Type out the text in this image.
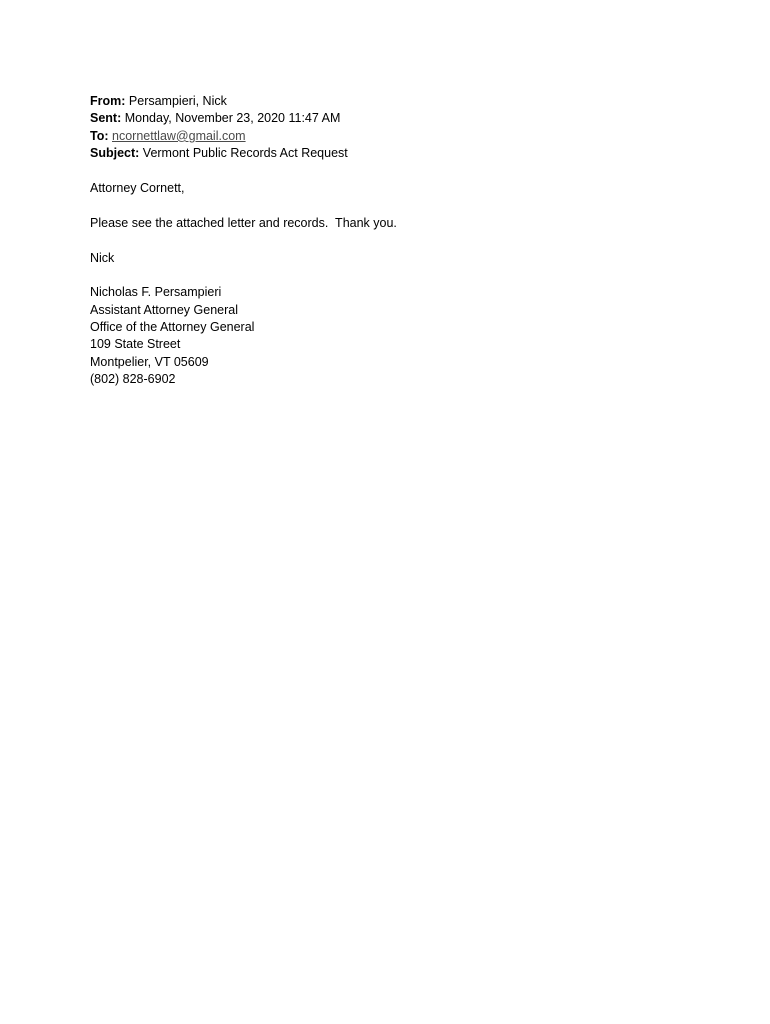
From: Persampieri, Nick
Sent: Monday, November 23, 2020 11:47 AM
To: ncornettlaw@gmail.com
Subject: Vermont Public Records Act Request
Attorney Cornett,
Please see the attached letter and records.  Thank you.
Nick
Nicholas F. Persampieri
Assistant Attorney General
Office of the Attorney General
109 State Street
Montpelier, VT 05609
(802) 828-6902
